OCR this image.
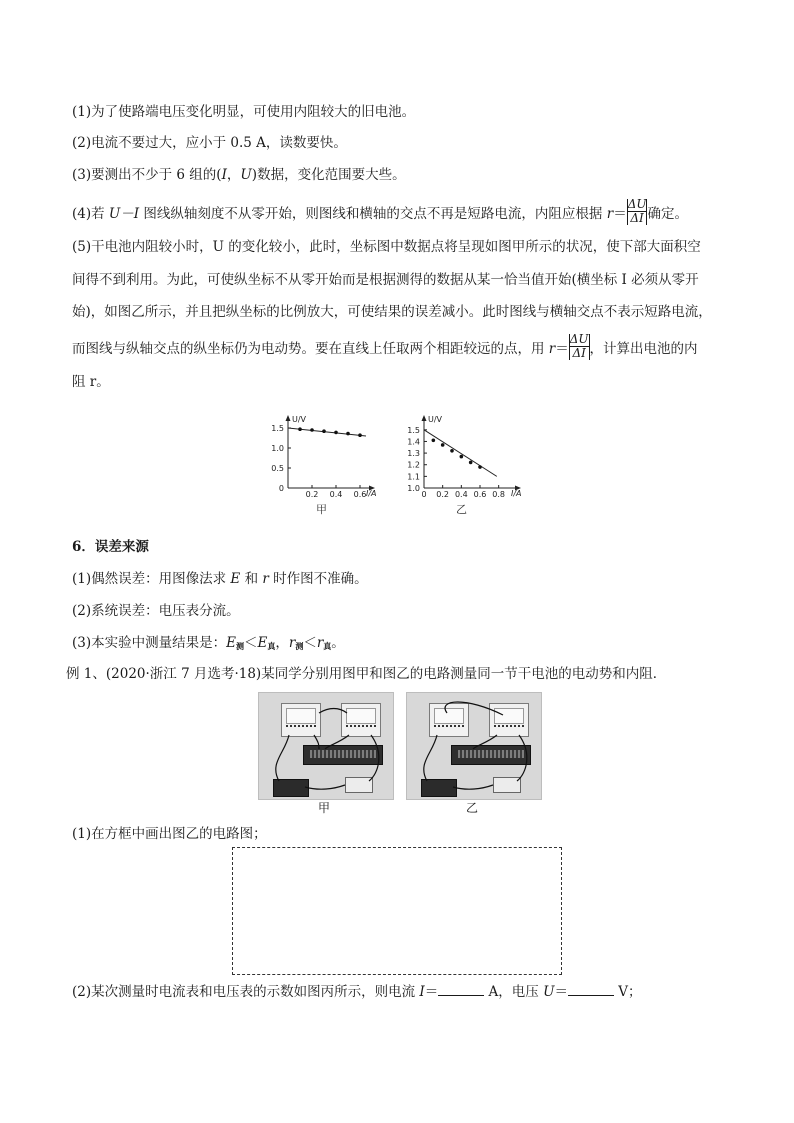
(1)为了使路端电压变化明显，可使用内阻较大的旧电池。
(2)电流不要过大，应小于 0.5 A，读数要快。
(3)要测出不少于 6 组的(I，U)数据，变化范围要大些。
(4)若 U－I 图线纵轴刻度不从零开始，则图线和横轴的交点不再是短路电流，内阻应根据 $r= \frac{\Delta U}{\Delta I}$ 确定。
(5)干电池内阻较小时，U 的变化较小，此时，坐标图中数据点将呈现如图甲所示的状况，使下部大面积空
间得不到利用。为此，可使纵坐标不从零开始而是根据测得的数据从某一恰当值开始(横坐标 I 必须从零开
始)，如图乙所示，并且把纵坐标的比例放大，可使结果的误差减小。此时图线与横轴交点不表示短路电流，
而图线与纵轴交点的纵坐标仍为电动势。要在直线上任取两个相距较远的点，用 $r= \frac{\Delta U}{\Delta I}$ ，计算出电池的内
阻 r。
U/V
I/A
1.5
1.0
0.5
0
0.2 0.4 0.6
甲
U/V
I/A
1.5
1.4
1.3
1.2
1.1
1.0
0 0.2 0.4 0.6 0.8
乙
6．误差来源
(1)偶然误差：用图像法求 E 和 r 时作图不准确。
(2)系统误差：电压表分流。
(3)本实验中测量结果是：$E_测<E_真$，$r_测<r_真$。
例 1、(2020·浙江 7 月选考·18)某同学分别用图甲和图乙的电路测量同一节干电池的电动势和内阻．
甲	乙
(1)在方框中画出图乙的电路图；
(2)某次测量时电流表和电压表的示数如图丙所示，则电流 I＝	A，电压 U＝	V；
